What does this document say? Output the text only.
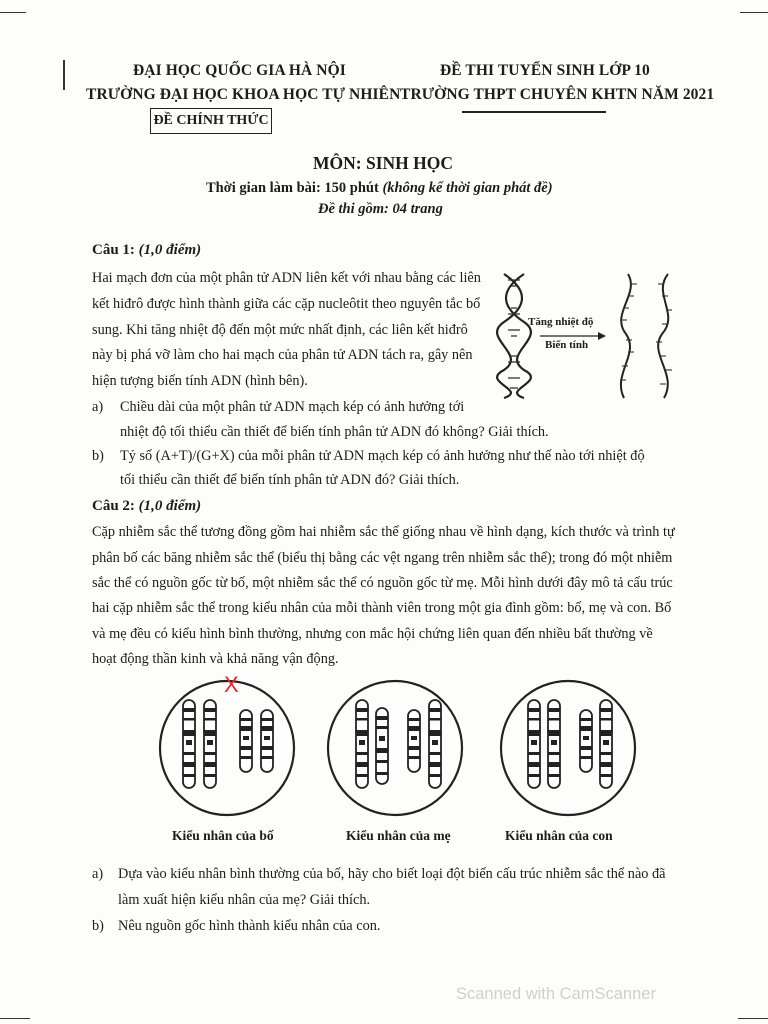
ĐẠI HỌC QUỐC GIA HÀ NỘI
TRƯỜNG ĐẠI HỌC KHOA HỌC TỰ NHIÊN
ĐỀ CHÍNH THỨC
ĐỀ THI TUYỂN SINH LỚP 10
TRƯỜNG THPT CHUYÊN KHTN NĂM 2021
MÔN: SINH HỌC
Thời gian làm bài: 150 phút (không kể thời gian phát đề)
Đề thi gồm: 04 trang
Câu 1: (1,0 điểm)
Hai mạch đơn của một phân tử ADN liên kết với nhau bằng các liên
kết hiđrô được hình thành giữa các cặp nucleôtit theo nguyên tắc bổ
sung. Khi tăng nhiệt độ đến một mức nhất định, các liên kết hiđrô
này bị phá vỡ làm cho hai mạch của phân tử ADN tách ra, gây nên
hiện tượng biến tính ADN (hình bên).
Tăng nhiệt độ
Biến tính
a) Chiều dài của một phân tử ADN mạch kép có ảnh hưởng tới
nhiệt độ tối thiểu cần thiết để biến tính phân tử ADN đó không? Giải thích.
b) Tỷ số (A+T)/(G+X) của mỗi phân tử ADN mạch kép có ảnh hưởng như thế nào tới nhiệt độ
tối thiểu cần thiết để biến tính phân tử ADN đó? Giải thích.
Câu 2: (1,0 điểm)
Cặp nhiễm sắc thể tương đồng gồm hai nhiễm sắc thể giống nhau về hình dạng, kích thước và trình tự
phân bố các băng nhiễm sắc thể (biểu thị bằng các vệt ngang trên nhiễm sắc thể); trong đó một nhiễm
sắc thể có nguồn gốc từ bố, một nhiễm sắc thể có nguồn gốc từ mẹ. Mỗi hình dưới đây mô tả cấu trúc
hai cặp nhiễm sắc thể trong kiểu nhân của mỗi thành viên trong một gia đình gồm: bố, mẹ và con. Bố
và mẹ đều có kiểu hình bình thường, nhưng con mắc hội chứng liên quan đến nhiều bất thường về
hoạt động thần kinh và khả năng vận động.
X
Kiểu nhân của bố	Kiểu nhân của mẹ	Kiểu nhân của con
a) Dựa vào kiểu nhân bình thường của bố, hãy cho biết loại đột biến cấu trúc nhiễm sắc thể nào đã
làm xuất hiện kiểu nhân của mẹ? Giải thích.
b) Nêu nguồn gốc hình thành kiểu nhân của con.
Scanned with CamScanner
